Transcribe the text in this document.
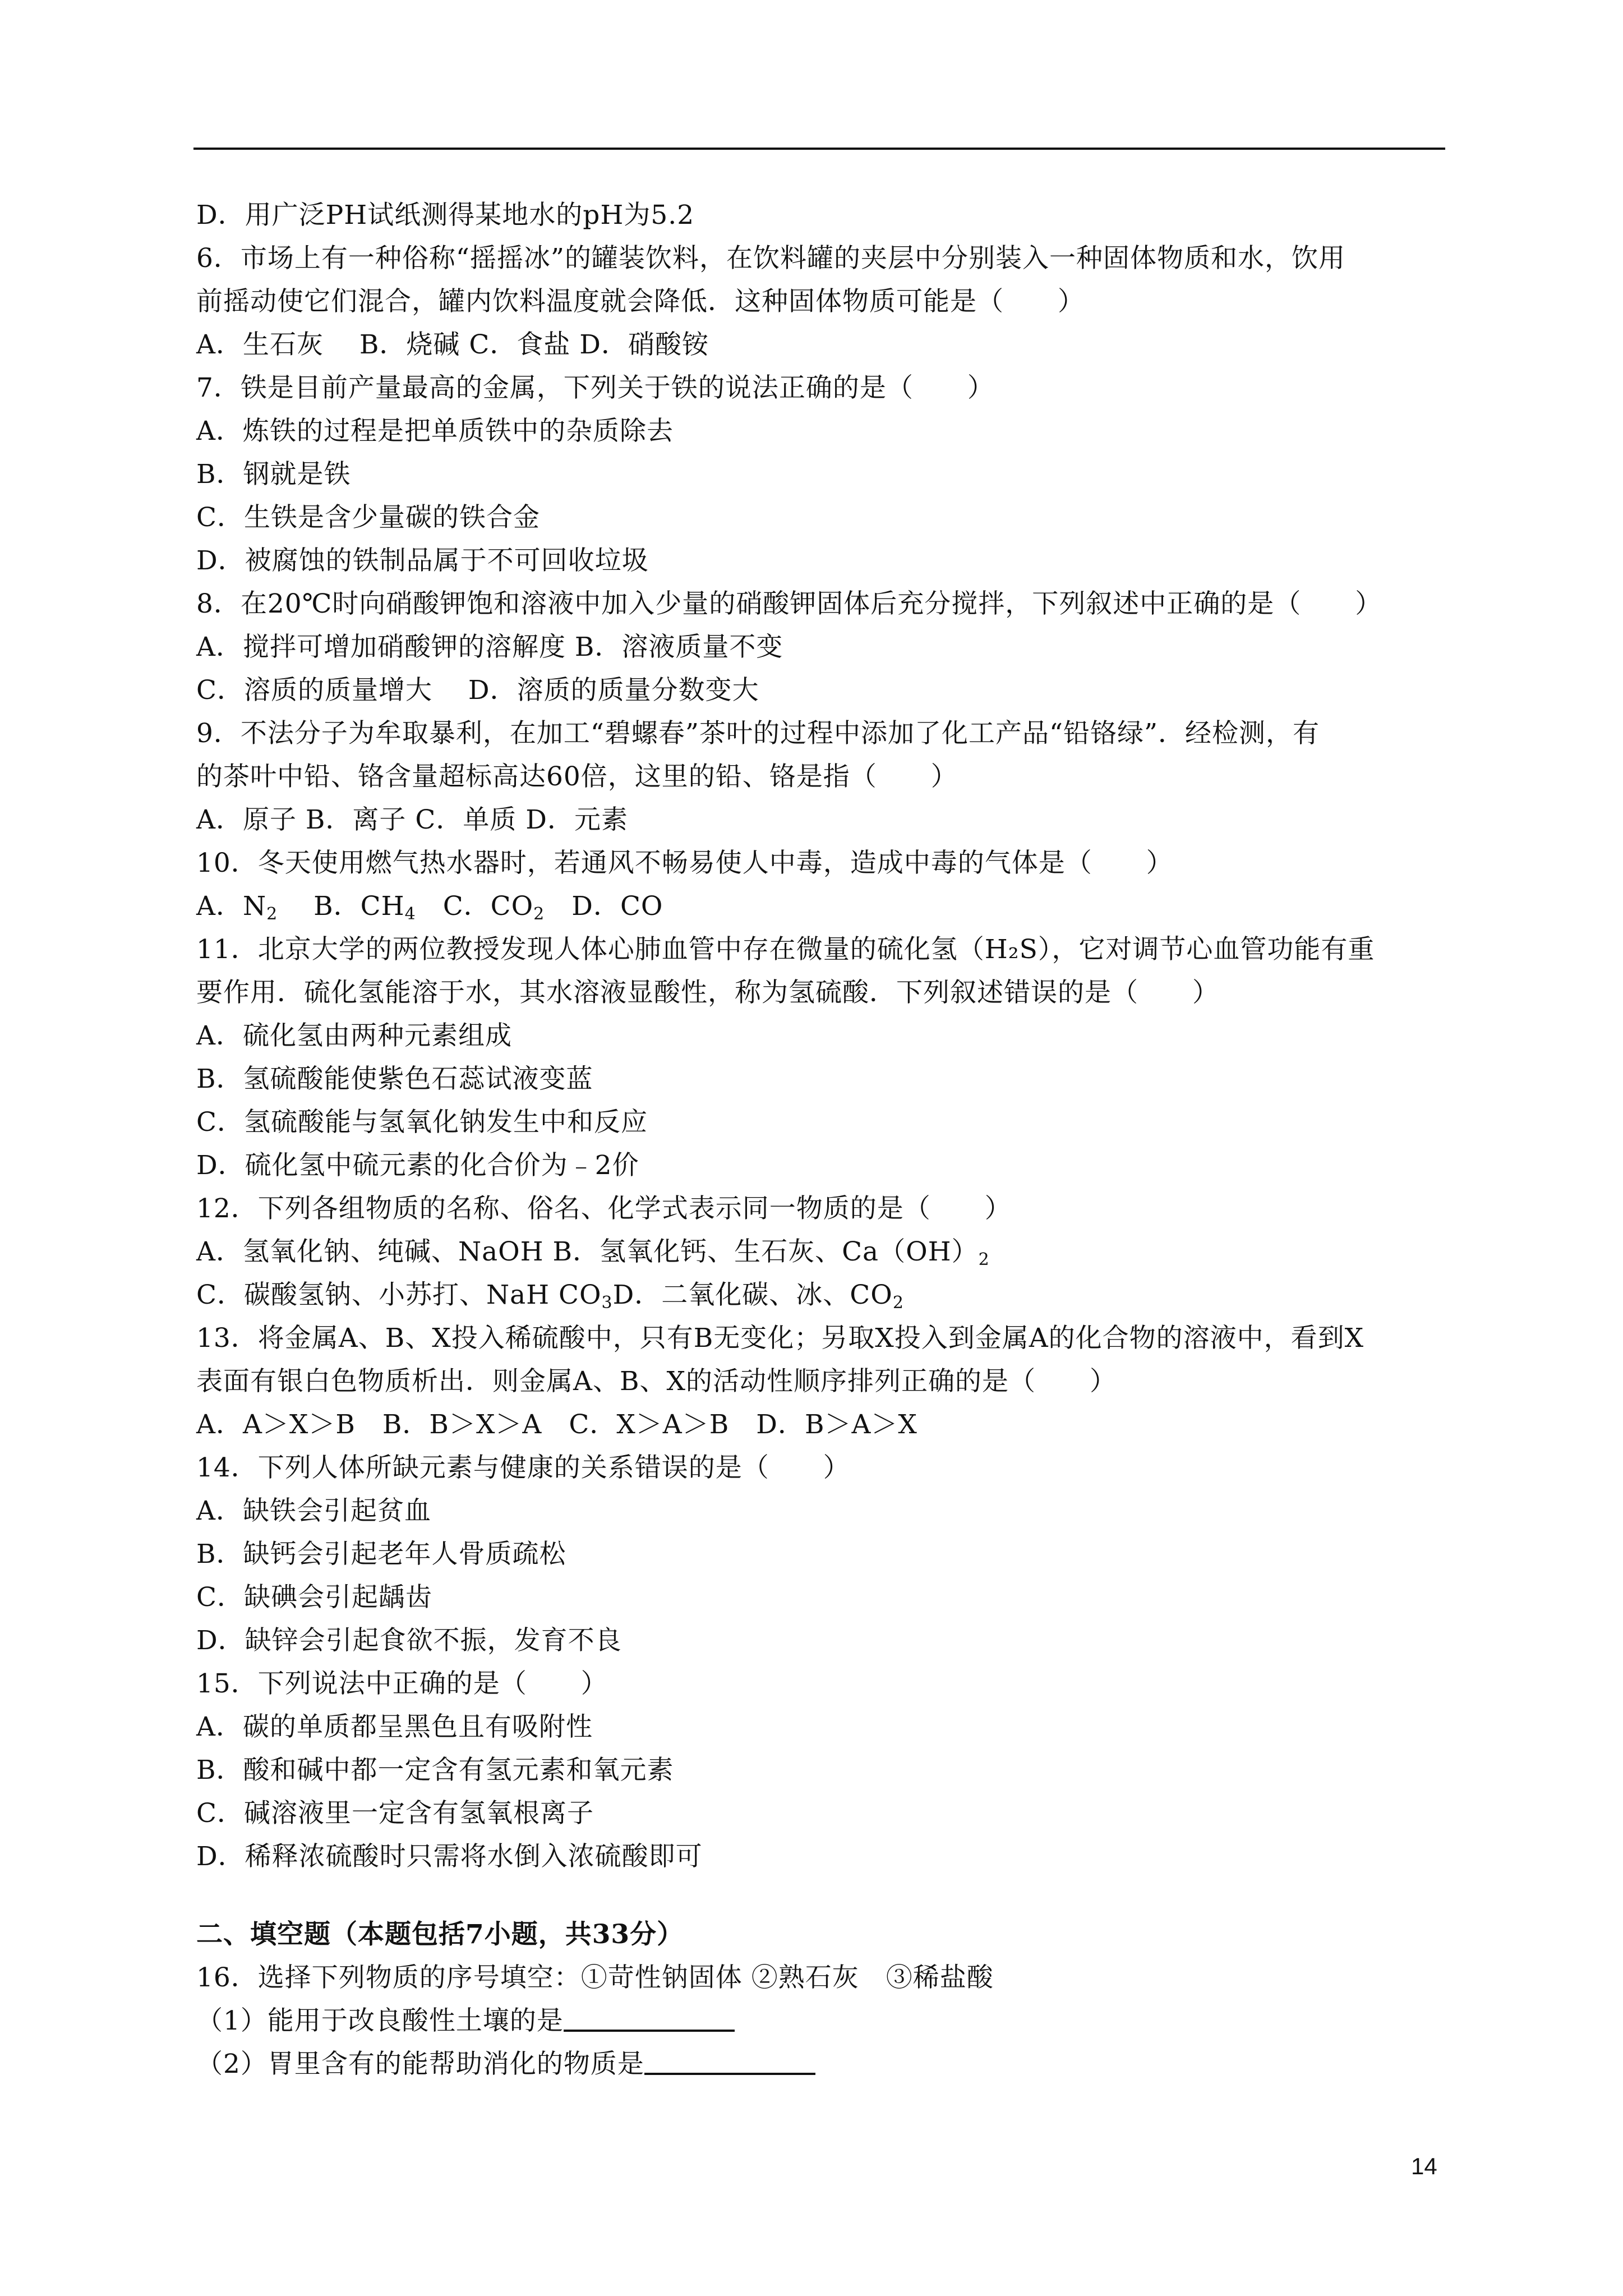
D．用广泛PH试纸测得某地水的pH为5.2
6．市场上有一种俗称“摇摇冰”的罐装饮料，在饮料罐的夹层中分别装入一种固体物质和水，饮用
前摇动使它们混合，罐内饮料温度就会降低．这种固体物质可能是（　　）
A．生石灰　 B．烧碱 C．食盐 D．硝酸铵
7．铁是目前产量最高的金属，下列关于铁的说法正确的是（　　）
A．炼铁的过程是把单质铁中的杂质除去
B．钢就是铁
C．生铁是含少量碳的铁合金
D．被腐蚀的铁制品属于不可回收垃圾
8．在20℃时向硝酸钾饱和溶液中加入少量的硝酸钾固体后充分搅拌，下列叙述中正确的是（　　）
A．搅拌可增加硝酸钾的溶解度 B．溶液质量不变
C．溶质的质量增大　 D．溶质的质量分数变大
9．不法分子为牟取暴利，在加工“碧螺春”茶叶的过程中添加了化工产品“铅铬绿”．经检测，有
的茶叶中铅、铬含量超标高达60倍，这里的铅、铬是指（　　）
A．原子 B．离子 C．单质 D．元素
10．冬天使用燃气热水器时，若通风不畅易使人中毒，造成中毒的气体是（　　）
A．$N_2$　 B．$CH_4$　C．$CO_2$　D．CO
11．北京大学的两位教授发现人体心肺血管中存在微量的硫化氢（H₂S），它对调节心血管功能有重
要作用．硫化氢能溶于水，其水溶液显酸性，称为氢硫酸．下列叙述错误的是（　　）
A．硫化氢由两种元素组成
B．氢硫酸能使紫色石蕊试液变蓝
C．氢硫酸能与氢氧化钠发生中和反应
D．硫化氢中硫元素的化合价为﹣2价
12．下列各组物质的名称、俗名、化学式表示同一物质的是（　　）
A．氢氧化钠、纯碱、NaOH B．氢氧化钙、生石灰、$Ca(OH)_2$
C．碳酸氢钠、小苏打、NaH $CO_3D$．二氧化碳、冰、$CO_2$
13．将金属A、B、X投入稀硫酸中，只有B无变化；另取X投入到金属A的化合物的溶液中，看到X
表面有银白色物质析出．则金属A、B、X的活动性顺序排列正确的是（　　）
A．A＞X＞B　B．B＞X＞A　C．X＞A＞B　D．B＞A＞X
14．下列人体所缺元素与健康的关系错误的是（　　）
A．缺铁会引起贫血
B．缺钙会引起老年人骨质疏松
C．缺碘会引起龋齿
D．缺锌会引起食欲不振，发育不良
15．下列说法中正确的是（　　）
A．碳的单质都呈黑色且有吸附性
B．酸和碱中都一定含有氢元素和氧元素
C．碱溶液里一定含有氢氧根离子
D．稀释浓硫酸时只需将水倒入浓硫酸即可
二、填空题（本题包括7小题，共33分）
16．选择下列物质的序号填空：①苛性钠固体 ②熟石灰　③稀盐酸
（1）能用于改良酸性土壤的是
（2）胃里含有的能帮助消化的物质是
14
